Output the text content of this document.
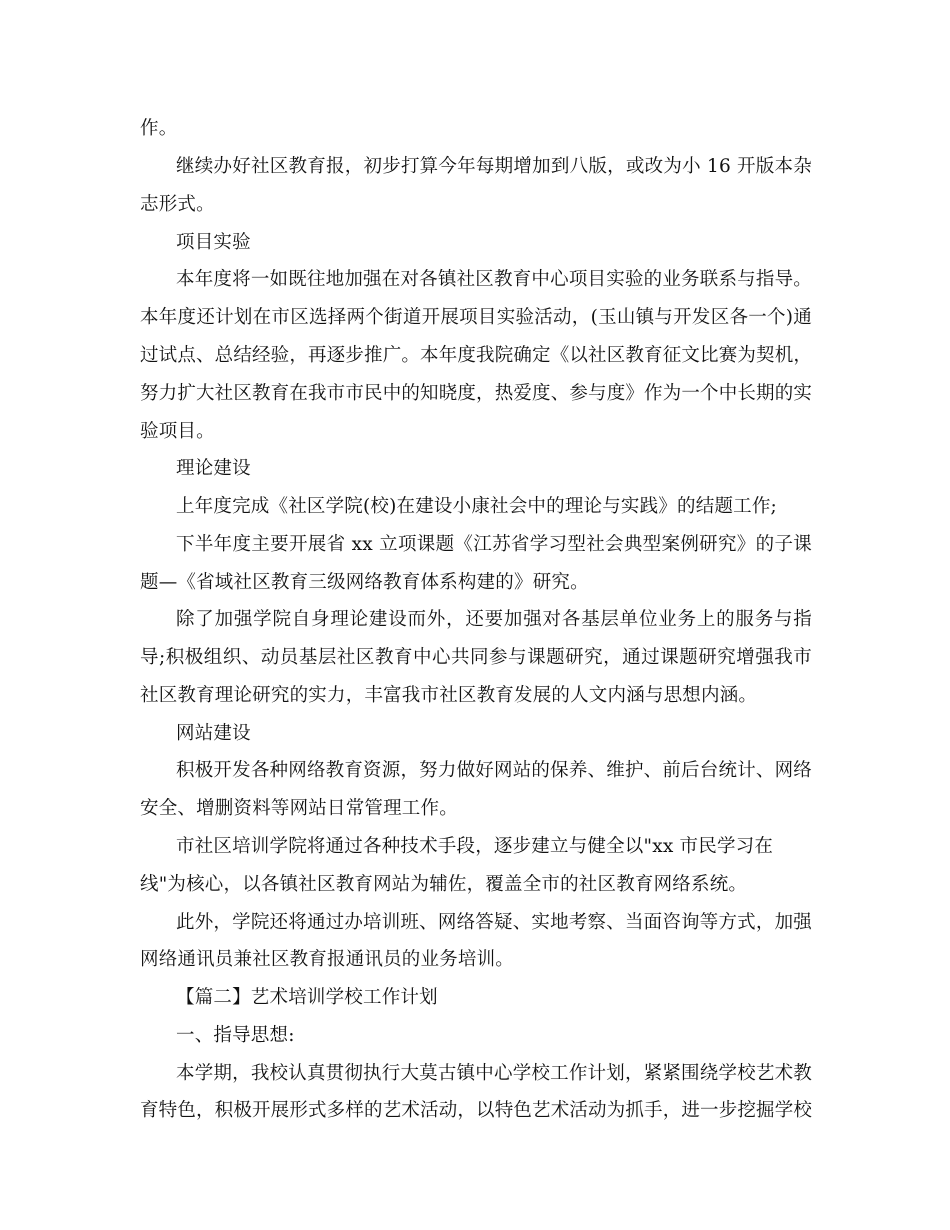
作。
继续办好社区教育报，初步打算今年每期增加到八版，或改为小 16 开版本杂
志形式。
项目实验
本年度将一如既往地加强在对各镇社区教育中心项目实验的业务联系与指导。
本年度还计划在市区选择两个街道开展项目实验活动，(玉山镇与开发区各一个)通
过试点、总结经验，再逐步推广。本年度我院确定《以社区教育征文比赛为契机，
努力扩大社区教育在我市市民中的知晓度，热爱度、参与度》作为一个中长期的实
验项目。
理论建设
上年度完成《社区学院(校)在建设小康社会中的理论与实践》的结题工作;
下半年度主要开展省 xx 立项课题《江苏省学习型社会典型案例研究》的子课
题—《省域社区教育三级网络教育体系构建的》研究。
除了加强学院自身理论建设而外，还要加强对各基层单位业务上的服务与指
导;积极组织、动员基层社区教育中心共同参与课题研究，通过课题研究增强我市
社区教育理论研究的实力，丰富我市社区教育发展的人文内涵与思想内涵。
网站建设
积极开发各种网络教育资源，努力做好网站的保养、维护、前后台统计、网络
安全、增删资料等网站日常管理工作。
市社区培训学院将通过各种技术手段，逐步建立与健全以"xx 市民学习在
线"为核心，以各镇社区教育网站为辅佐，覆盖全市的社区教育网络系统。
此外，学院还将通过办培训班、网络答疑、实地考察、当面咨询等方式，加强
网络通讯员兼社区教育报通讯员的业务培训。
【篇二】艺术培训学校工作计划
一、指导思想:
本学期，我校认真贯彻执行大莫古镇中心学校工作计划，紧紧围绕学校艺术教
育特色，积极开展形式多样的艺术活动，以特色艺术活动为抓手，进一步挖掘学校
